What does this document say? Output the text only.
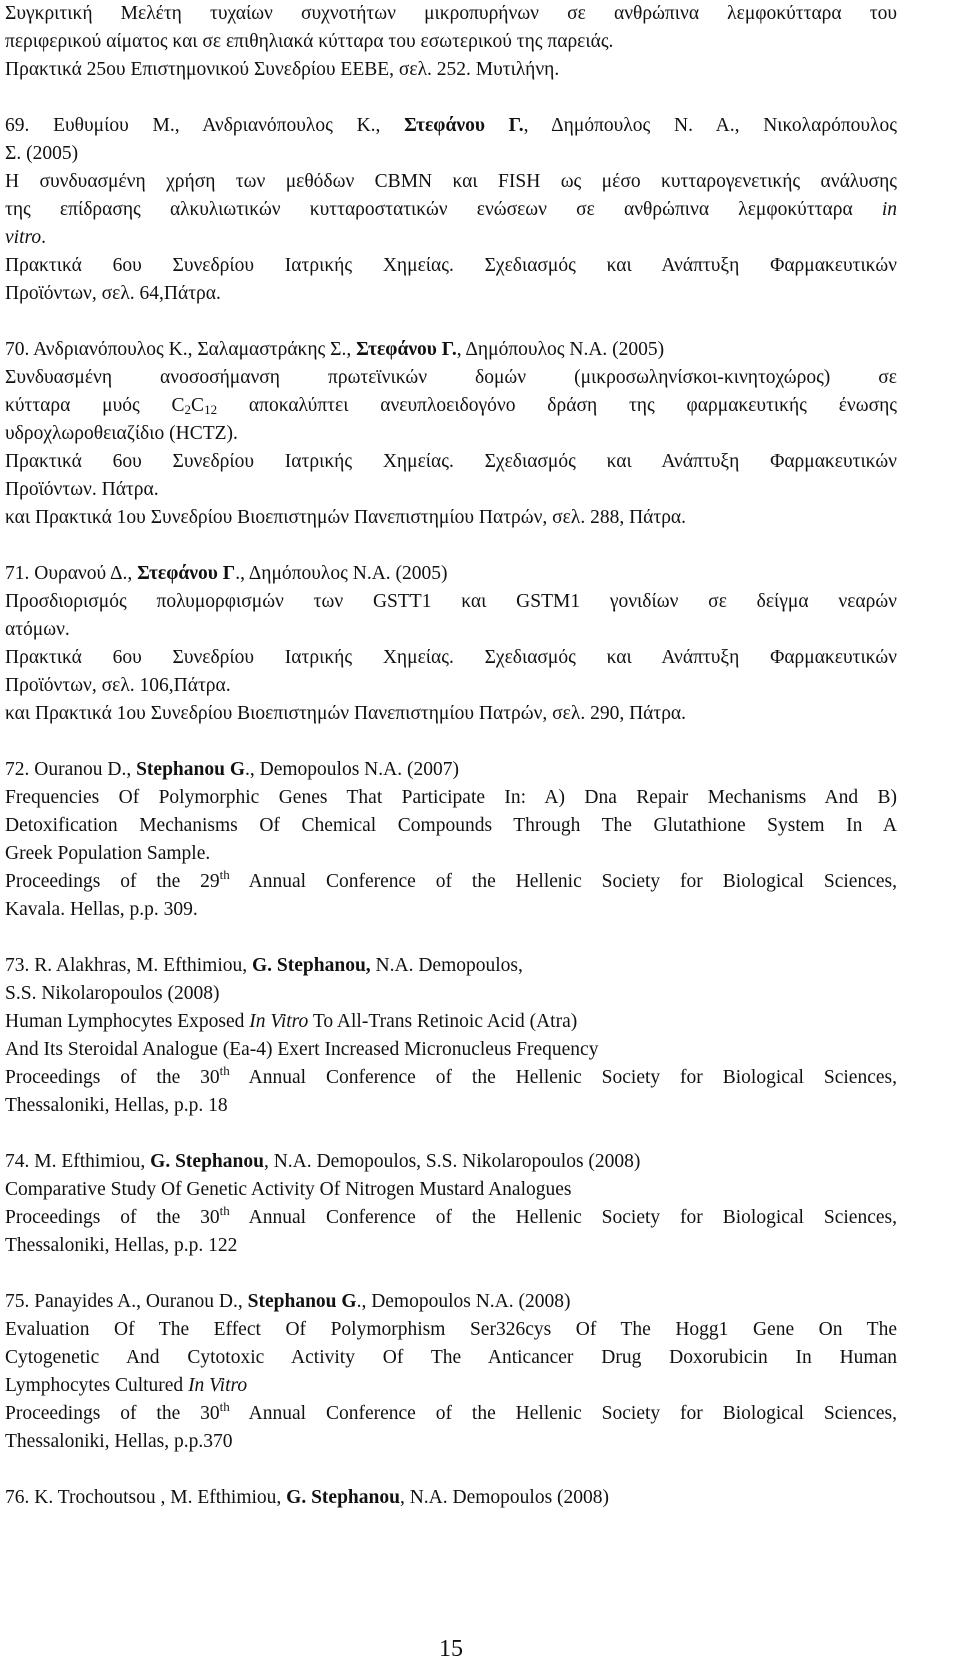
Συγκριτική Μελέτη τυχαίων συχνοτήτων μικροπυρήνων σε ανθρώπινα λεμφοκύτταρα του

περιφερικού αίματος και σε επιθηλιακά κύτταρα του εσωτερικού της παρειάς.

Πρακτικά 25ου Επιστημονικού Συνεδρίου ΕΕΒΕ, σελ. 252. Μυτιλήνη.

69. Ευθυμίου Μ., Ανδριανόπουλος Κ., Στεφάνου Γ., Δημόπουλος Ν. Α., Νικολαρόπουλος

Σ. (2005)

Η συνδυασμένη χρήση των μεθόδων CBMN και FISH ως μέσο κυτταρογενετικής ανάλυσης

της επίδρασης αλκυλιωτικών κυτταροστατικών ενώσεων σε ανθρώπινα λεμφοκύτταρα in

vitro.

Πρακτικά 6ου Συνεδρίου Ιατρικής Χημείας. Σχεδιασμός και Ανάπτυξη Φαρμακευτικών

Προϊόντων, σελ. 64,Πάτρα.

70. Ανδριανόπουλος Κ., Σαλαμαστράκης Σ., Στεφάνου Γ., Δημόπουλος Ν.Α. (2005)

Συνδυασμένη ανοσοσήμανση πρωτεϊνικών δομών (μικροσωληνίσκοι-κινητοχώρος) σε

κύτταρα μυός $C_2C_{12}$ αποκαλύπτει ανευπλοειδογόνο δράση της φαρμακευτικής ένωσης

υδροχλωροθειαζίδιο (HCTZ).

Πρακτικά 6ου Συνεδρίου Ιατρικής Χημείας. Σχεδιασμός και Ανάπτυξη Φαρμακευτικών

Προϊόντων. Πάτρα.

και Πρακτικά 1ου Συνεδρίου Βιοεπιστημών Πανεπιστημίου Πατρών, σελ. 288, Πάτρα.

71. Ουρανού Δ., Στεφάνου Γ., Δημόπουλος Ν.Α. (2005)

Προσδιορισμός πολυμορφισμών των GSTT1 και GSTM1 γονιδίων σε δείγμα νεαρών

ατόμων.

Πρακτικά 6ου Συνεδρίου Ιατρικής Χημείας. Σχεδιασμός και Ανάπτυξη Φαρμακευτικών

Προϊόντων, σελ. 106,Πάτρα.

και Πρακτικά 1ου Συνεδρίου Βιοεπιστημών Πανεπιστημίου Πατρών, σελ. 290, Πάτρα.

72. Ouranou D., Stephanou G., Demopoulos N.A. (2007)

Frequencies Of Polymorphic Genes That Participate In: A) Dna Repair Mechanisms And B)

Detoxification Mechanisms Of Chemical Compounds Through The Glutathione System In A

Greek Population Sample.

Proceedings of the 29th Annual Conference of the Hellenic Society for Biological Sciences,

Kavala. Hellas, p.p. 309.

73. R. Alakhras, M. Efthimiou, G. Stephanou, N.A. Demopoulos,

S.S. Nikolaropoulos (2008)

Human Lymphocytes Exposed In Vitro To All-Trans Retinoic Acid (Atra)

And Its Steroidal Analogue (Ea-4) Exert Increased Micronucleus Frequency

Proceedings of the 30th Annual Conference of the Hellenic Society for Biological Sciences,

Thessaloniki, Hellas, p.p. 18

74. M. Efthimiou, G. Stephanou, N.A. Demopoulos, S.S. Nikolaropoulos (2008)

Comparative Study Of Genetic Activity Of Nitrogen Mustard Analogues

Proceedings of the 30th Annual Conference of the Hellenic Society for Biological Sciences,

Thessaloniki, Hellas, p.p. 122

75. Panayides A., Ouranou D., Stephanou G., Demopoulos N.A. (2008)

Evaluation Of The Effect Of Polymorphism Ser326cys Of The Hogg1 Gene On The

Cytogenetic And Cytotoxic Activity Of The Anticancer Drug Doxorubicin In Human

Lymphocytes Cultured In Vitro

Proceedings of the 30th Annual Conference of the Hellenic Society for Biological Sciences,

Thessaloniki, Hellas, p.p.370

76. K. Trochoutsou , M. Efthimiou, G. Stephanou, N.A. Demopoulos (2008)

15
